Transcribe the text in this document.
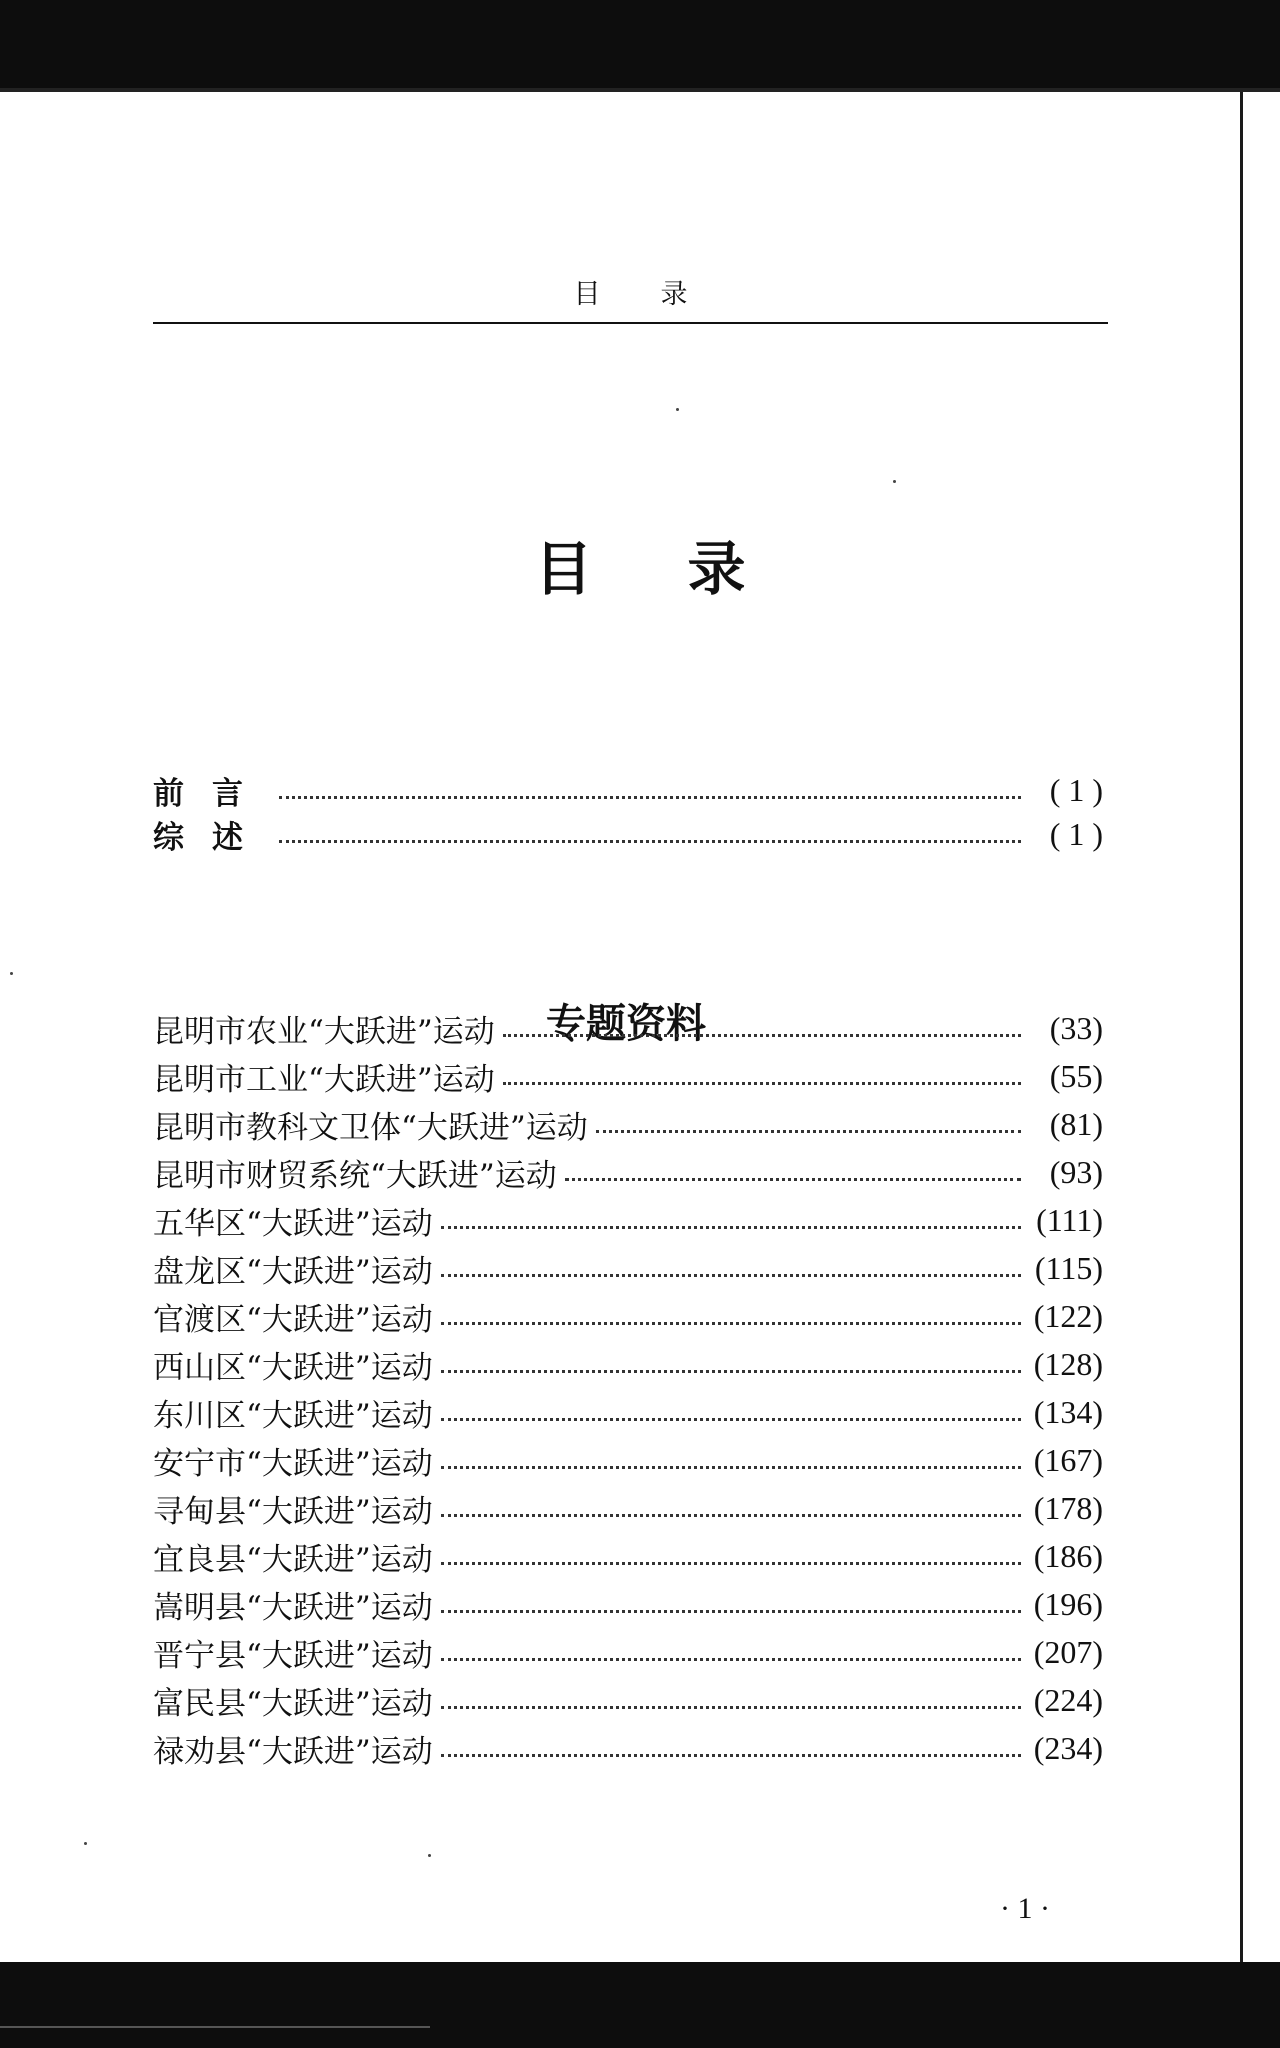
目 录
目 录
前言	( 1 )
综述	( 1 )
专题资料
昆明市农业“大跃进”运动	(33)
昆明市工业“大跃进”运动	(55)
昆明市教科文卫体“大跃进”运动	(81)
昆明市财贸系统“大跃进”运动	(93)
五华区“大跃进”运动	(111)
盘龙区“大跃进”运动	(115)
官渡区“大跃进”运动	(122)
西山区“大跃进”运动	(128)
东川区“大跃进”运动	(134)
安宁市“大跃进”运动	(167)
寻甸县“大跃进”运动	(178)
宜良县“大跃进”运动	(186)
嵩明县“大跃进”运动	(196)
晋宁县“大跃进”运动	(207)
富民县“大跃进”运动	(224)
禄劝县“大跃进”运动	(234)
· 1 ·
